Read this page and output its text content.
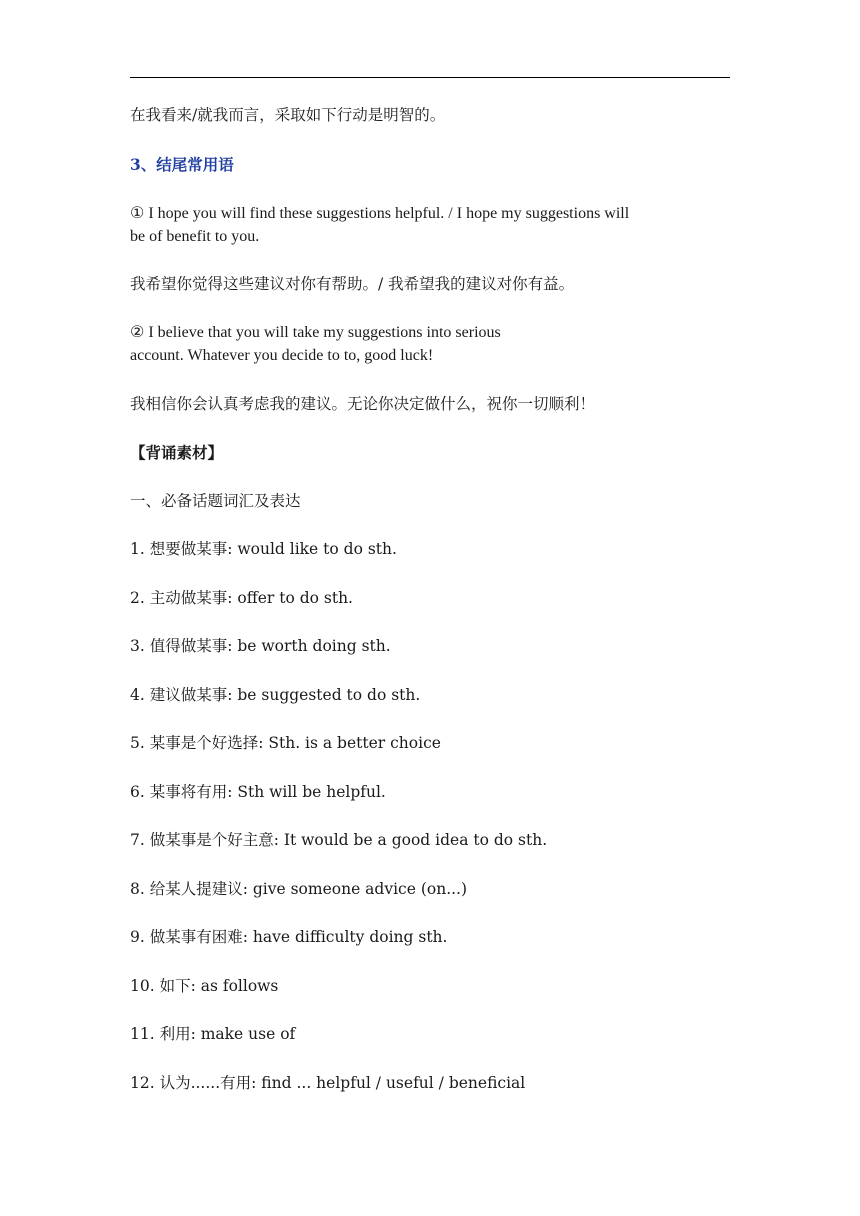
在我看来/就我而言，采取如下行动是明智的。
3、结尾常用语
① I hope you will find these suggestions helpful. / I hope my suggestions will
be of benefit to you.
我希望你觉得这些建议对你有帮助。/ 我希望我的建议对你有益。
② I believe that you will take my suggestions into serious
account. Whatever you decide to to, good luck!
我相信你会认真考虑我的建议。无论你决定做什么，祝你一切顺利！
【背诵素材】
一、必备话题词汇及表达
1. 想要做某事: would like to do sth.
2. 主动做某事: offer to do sth.
3. 值得做某事: be worth doing sth.
4. 建议做某事: be suggested to do sth.
5. 某事是个好选择: Sth. is a better choice
6. 某事将有用: Sth will be helpful.
7. 做某事是个好主意: It would be a good idea to do sth.
8. 给某人提建议: give someone advice (on...)
9. 做某事有困难: have difficulty doing sth.
10. 如下: as follows
11. 利用: make use of
12. 认为......有用: find ... helpful / useful / beneficial
